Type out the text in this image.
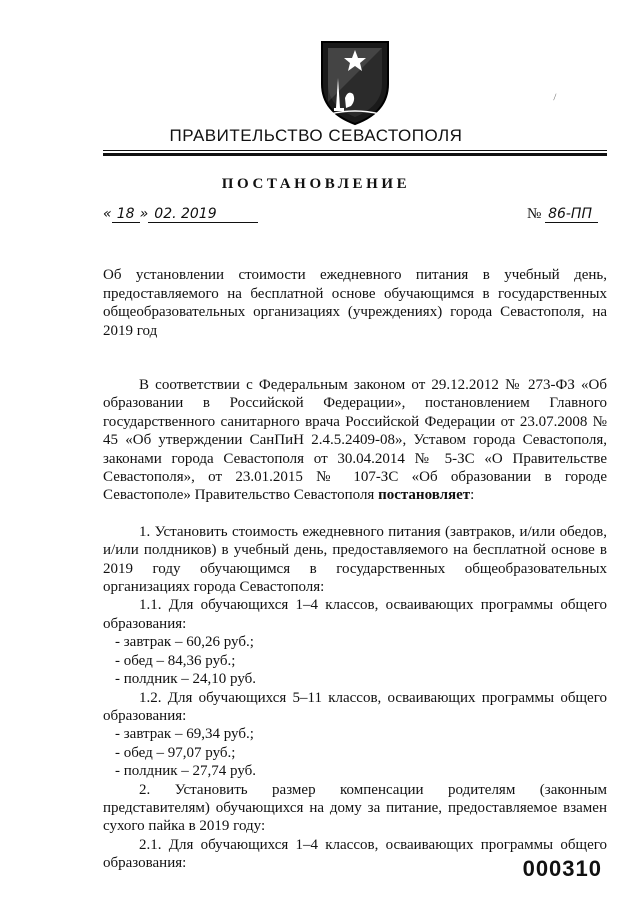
\
ПРАВИТЕЛЬСТВО СЕВАСТОПОЛЯ
ПОСТАНОВЛЕНИЕ
« 18 » 02. 2019	№ 86-ПП
Об установлении стоимости ежедневного питания в учебный день, предоставляемого на бесплатной основе обучающимся в государственных общеобразовательных организациях (учреждениях) города Севастополя, на 2019 год

В соответствии с Федеральным законом от 29.12.2012 № 273-ФЗ «Об образовании в Российской Федерации», постановлением Главного государственного санитарного врача Российской Федерации от 23.07.2008 № 45 «Об утверждении СанПиН 2.4.5.2409-08», Уставом города Севастополя, законами города Севастополя от 30.04.2014 № 5-ЗС «О Правительстве Севастополя», от 23.01.2015 № 107-ЗС «Об образовании в городе Севастополе» Правительство Севастополя постановляет:

1. Установить стоимость ежедневного питания (завтраков, и/или обедов, и/или полдников) в учебный день, предоставляемого на бесплатной основе в 2019 году обучающимся в государственных общеобразовательных организациях города Севастополя:

1.1. Для обучающихся 1–4 классов, осваивающих программы общего образования:

- завтрак – 60,26 руб.;

- обед – 84,36 руб.;

- полдник – 24,10 руб.

1.2. Для обучающихся 5–11 классов, осваивающих программы общего образования:

- завтрак – 69,34 руб.;

- обед – 97,07 руб.;

- полдник – 27,74 руб.

2. Установить размер компенсации родителям (законным представителям) обучающихся на дому за питание, предоставляемое взамен сухого пайка в 2019 году:

2.1. Для обучающихся 1–4 классов, осваивающих программы общего образования:	000310
